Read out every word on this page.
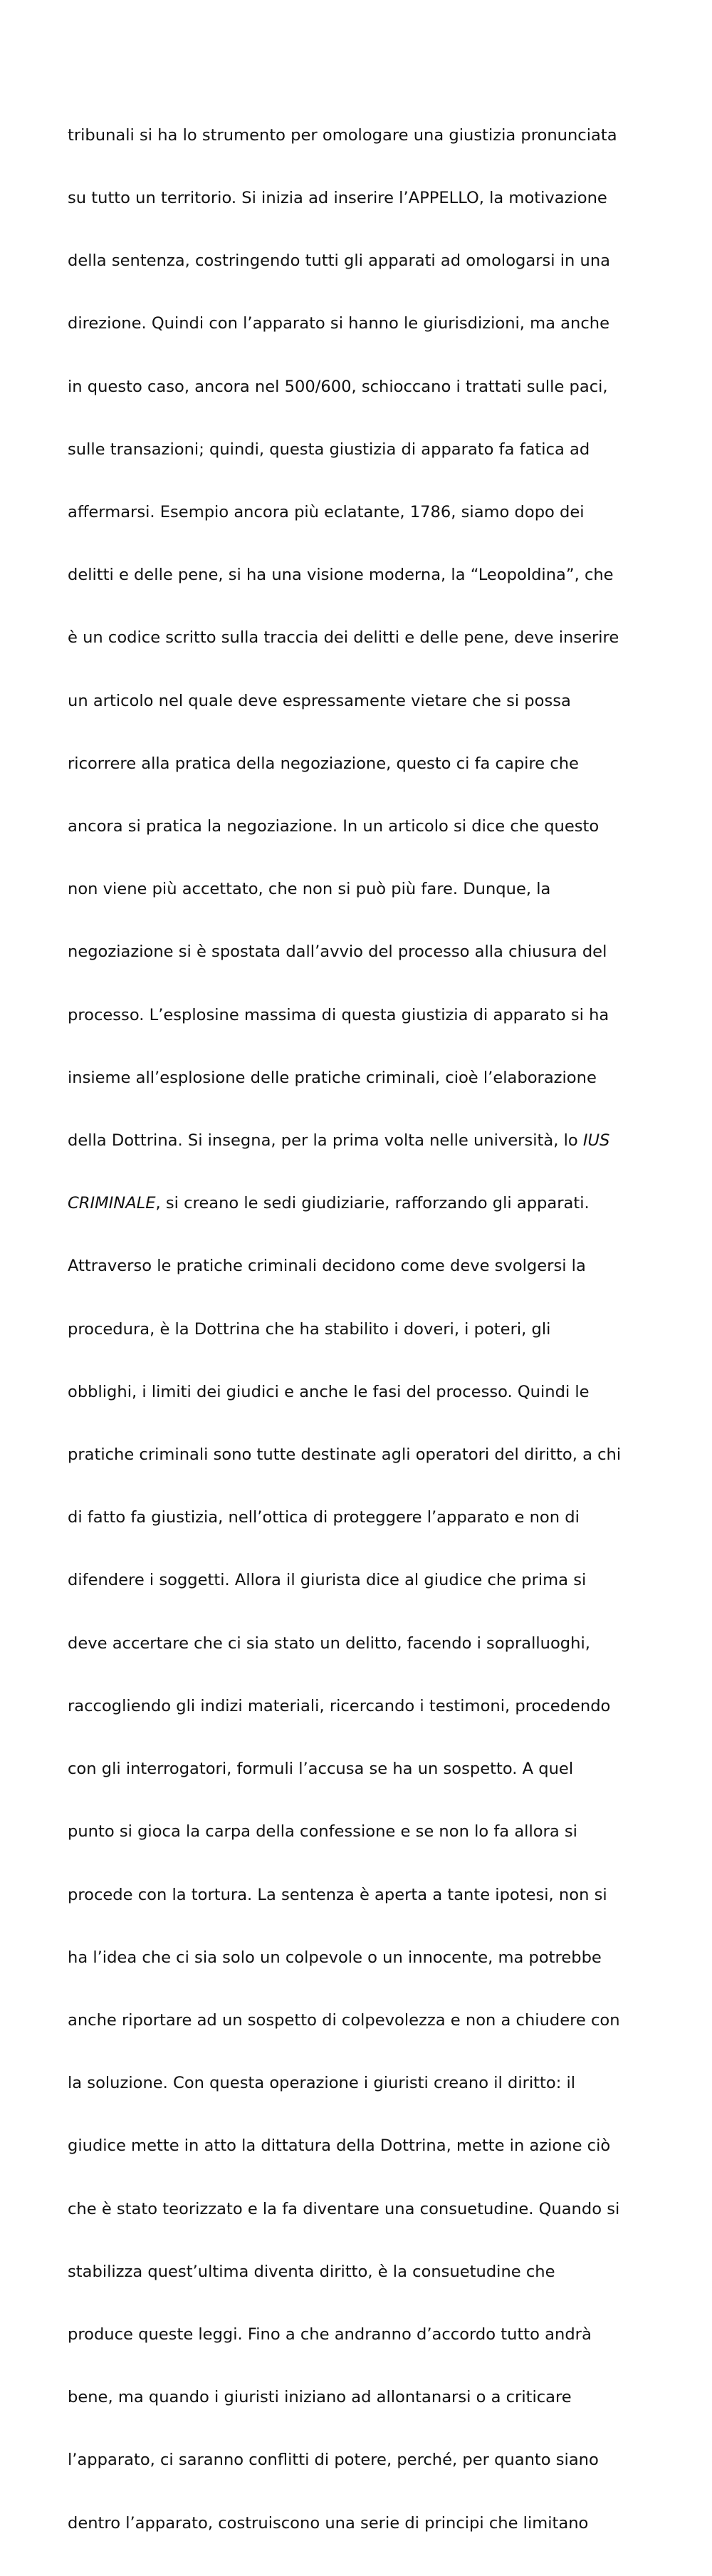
tribunali si ha lo strumento per omologare una giustizia pronunciata

su tutto un territorio. Si inizia ad inserire l’APPELLO, la motivazione

della sentenza, costringendo tutti gli apparati ad omologarsi in una

direzione. Quindi con l’apparato si hanno le giurisdizioni, ma anche

in questo caso, ancora nel 500/600, schioccano i trattati sulle paci,

sulle transazioni; quindi, questa giustizia di apparato fa fatica ad

affermarsi. Esempio ancora più eclatante, 1786, siamo dopo dei

delitti e delle pene, si ha una visione moderna, la “Leopoldina”, che

è un codice scritto sulla traccia dei delitti e delle pene, deve inserire

un articolo nel quale deve espressamente vietare che si possa

ricorrere alla pratica della negoziazione, questo ci fa capire che

ancora si pratica la negoziazione. In un articolo si dice che questo

non viene più accettato, che non si può più fare. Dunque, la

negoziazione si è spostata dall’avvio del processo alla chiusura del

processo. L’esplosine massima di questa giustizia di apparato si ha

insieme all’esplosione delle pratiche criminali, cioè l’elaborazione

della Dottrina. Si insegna, per la prima volta nelle università, lo IUS

CRIMINALE, si creano le sedi giudiziarie, rafforzando gli apparati.

Attraverso le pratiche criminali decidono come deve svolgersi la

procedura, è la Dottrina che ha stabilito i doveri, i poteri, gli

obblighi, i limiti dei giudici e anche le fasi del processo. Quindi le

pratiche criminali sono tutte destinate agli operatori del diritto, a chi

di fatto fa giustizia, nell’ottica di proteggere l’apparato e non di

difendere i soggetti. Allora il giurista dice al giudice che prima si

deve accertare che ci sia stato un delitto, facendo i sopralluoghi,

raccogliendo gli indizi materiali, ricercando i testimoni, procedendo

con gli interrogatori, formuli l’accusa se ha un sospetto. A quel

punto si gioca la carpa della confessione e se non lo fa allora si

procede con la tortura. La sentenza è aperta a tante ipotesi, non si

ha l’idea che ci sia solo un colpevole o un innocente, ma potrebbe

anche riportare ad un sospetto di colpevolezza e non a chiudere con

la soluzione. Con questa operazione i giuristi creano il diritto: il

giudice mette in atto la dittatura della Dottrina, mette in azione ciò

che è stato teorizzato e la fa diventare una consuetudine. Quando si

stabilizza quest’ultima diventa diritto, è la consuetudine che

produce queste leggi. Fino a che andranno d’accordo tutto andrà

bene, ma quando i giuristi iniziano ad allontanarsi o a criticare

l’apparato, ci saranno conflitti di potere, perché, per quanto siano

dentro l’apparato, costruiscono una serie di principi che limitano
